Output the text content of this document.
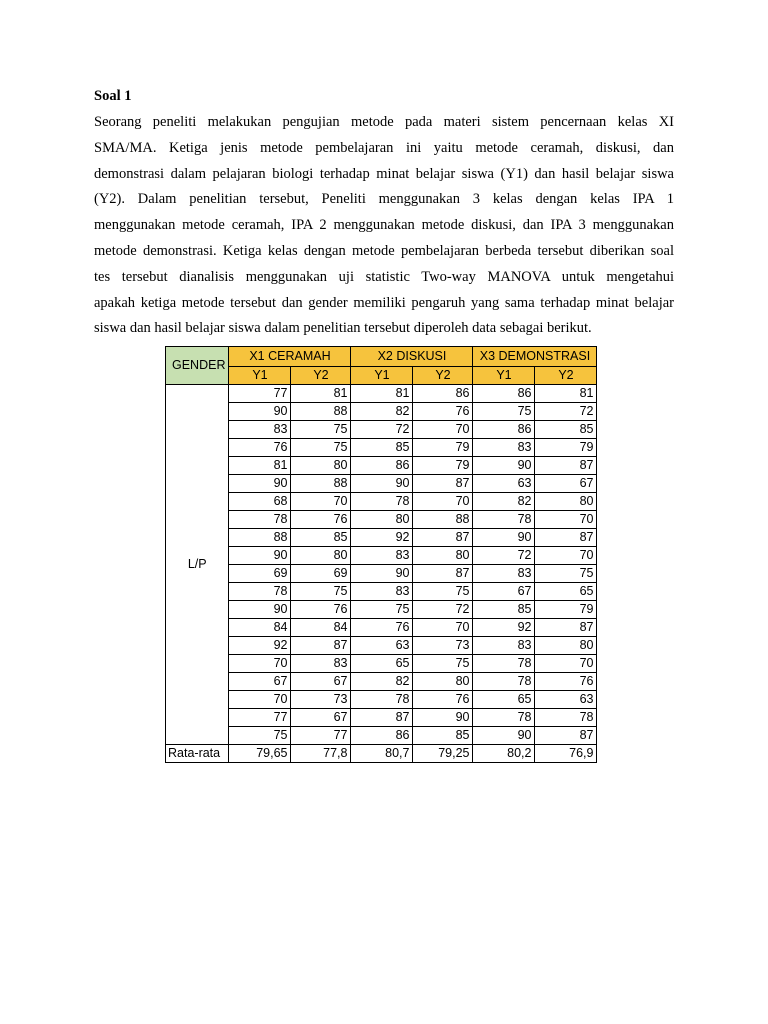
Soal 1
Seorang peneliti melakukan pengujian metode pada materi sistem pencernaan kelas XI
SMA/MA. Ketiga jenis metode pembelajaran ini yaitu metode ceramah, diskusi, dan
demonstrasi dalam pelajaran biologi terhadap minat belajar siswa (Y1) dan hasil belajar siswa
(Y2). Dalam penelitian tersebut, Peneliti menggunakan 3 kelas dengan kelas IPA 1
menggunakan metode ceramah, IPA 2 menggunakan metode diskusi, dan IPA 3 menggunakan
metode demonstrasi. Ketiga kelas dengan metode pembelajaran berbeda tersebut diberikan soal
tes tersebut dianalisis menggunakan uji statistic Two-way MANOVA untuk mengetahui
apakah ketiga metode tersebut dan gender memiliki pengaruh yang sama terhadap minat belajar
siswa dan hasil belajar siswa dalam penelitian tersebut diperoleh data sebagai berikut.
GENDER	X1 CERAMAH		X2 DISKUSI		X3 DEMONSTRASI	
	Y1	Y2	Y1	Y2	Y1	Y2
L/P	77	81	81	86	86	81
	90	88	82	76	75	72
	83	75	72	70	86	85
	76	75	85	79	83	79
	81	80	86	79	90	87
	90	88	90	87	63	67
	68	70	78	70	82	80
	78	76	80	88	78	70
	88	85	92	87	90	87
	90	80	83	80	72	70
	69	69	90	87	83	75
	78	75	83	75	67	65
	90	76	75	72	85	79
	84	84	76	70	92	87
	92	87	63	73	83	80
	70	83	65	75	78	70
	67	67	82	80	78	76
	70	73	78	76	65	63
	77	67	87	90	78	78
	75	77	86	85	90	87
Rata-rata	79,65	77,8	80,7	79,25	80,2	76,9
